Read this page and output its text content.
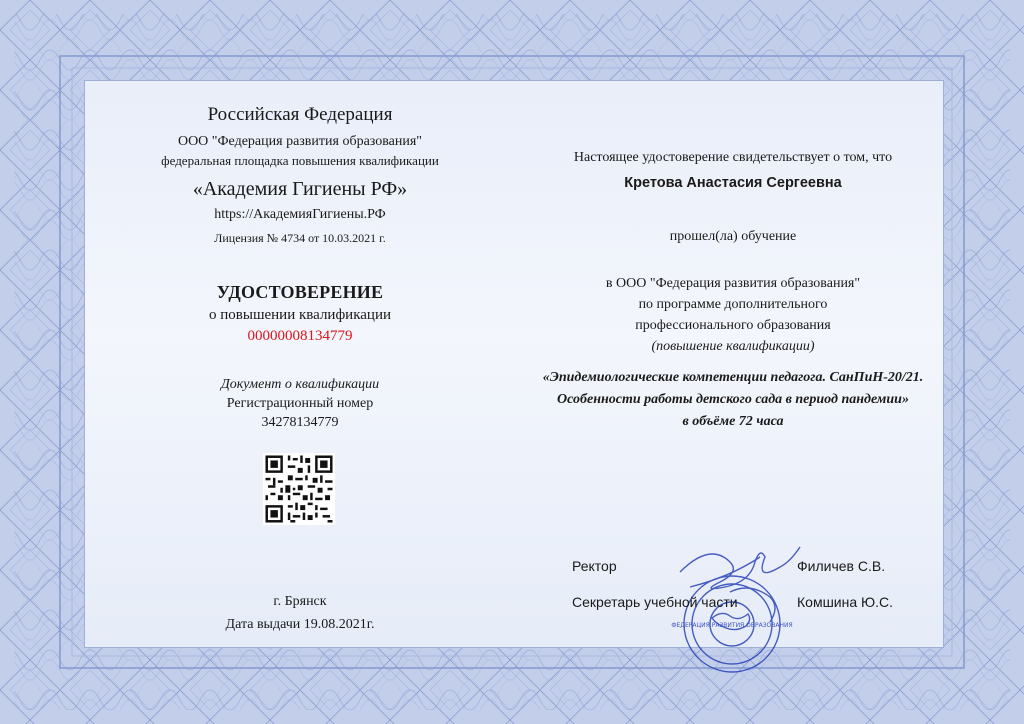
Российская Федерация
ООО "Федерация развития образования"
федеральная площадка повышения квалификации
«Академия Гигиены РФ»
https://АкадемияГигиены.РФ
Лицензия № 4734 от 10.03.2021 г.
УДОСТОВЕРЕНИЕ
о повышении квалификации
00000008134779
Документ о квалификации
Регистрационный номер
34278134779
г. Брянск
Дата выдачи 19.08.2021г.
Настоящее удостоверение свидетельствует о том, что
Кретова Анастасия Сергеевна
прошел(ла) обучение
в ООО "Федерация развития образования"
по программе дополнительного
профессионального образования
(повышение квалификации)
«Эпидемиологические компетенции педагога. СанПиН-20/21.
Особенности работы детского сада в период пандемии»
в объёме 72 часа
ФЕДЕРАЦИЯ РАЗВИТИЯ ОБРАЗОВАНИЯ
Ректор	Филичев С.В.
Секретарь учебной части	Комшина Ю.С.
